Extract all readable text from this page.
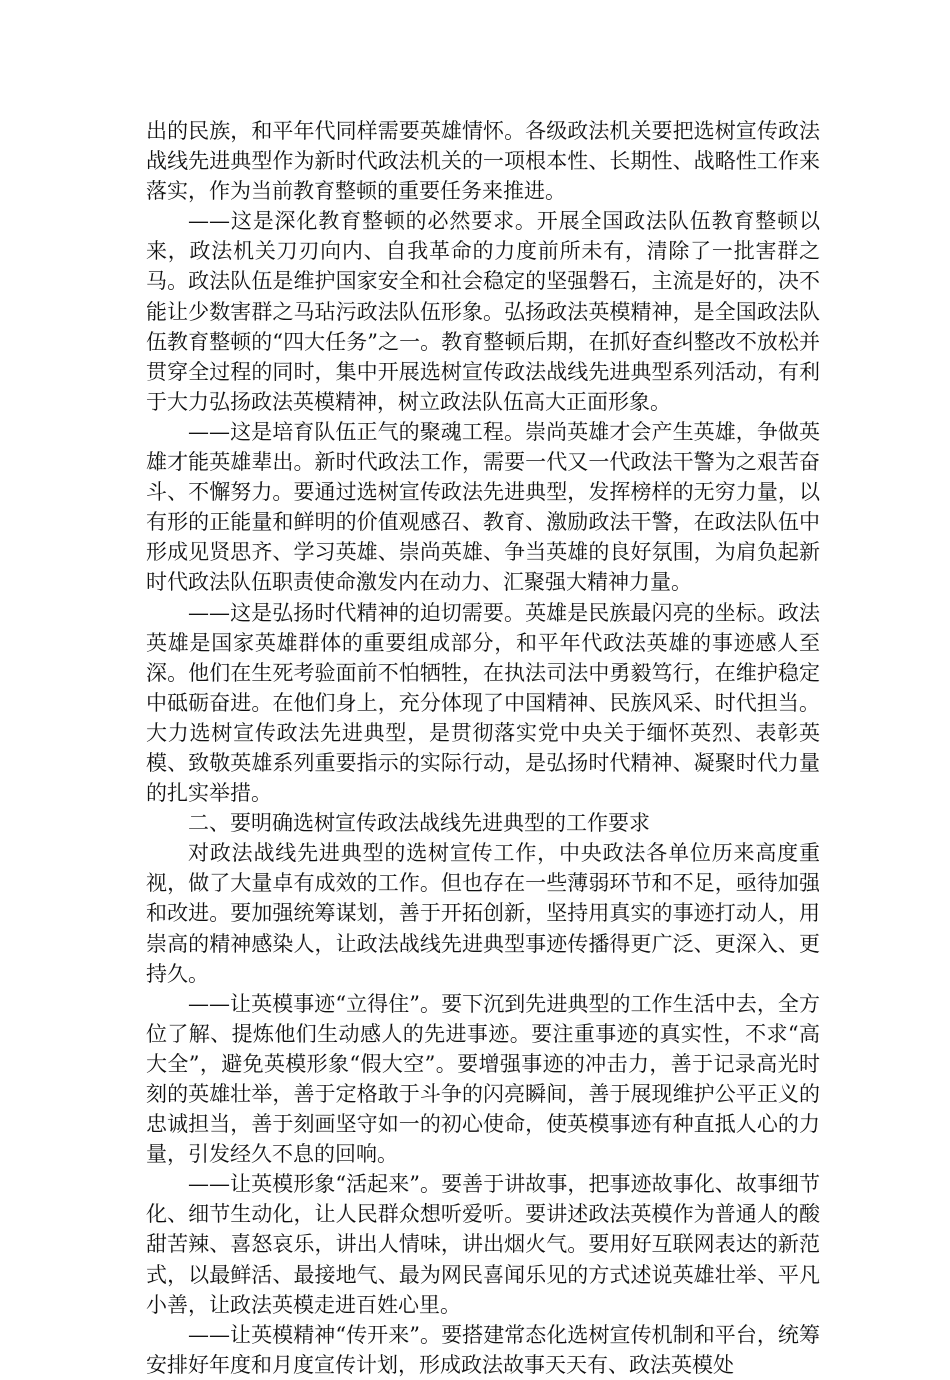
出的民族，和平年代同样需要英雄情怀。各级政法机关要把选树宣传政法战线先进典型作为新时代政法机关的一项根本性、长期性、战略性工作来落实，作为当前教育整顿的重要任务来推进。

——这是深化教育整顿的必然要求。开展全国政法队伍教育整顿以来，政法机关刀刃向内、自我革命的力度前所未有，清除了一批害群之马。政法队伍是维护国家安全和社会稳定的坚强磐石，主流是好的，决不能让少数害群之马玷污政法队伍形象。弘扬政法英模精神，是全国政法队伍教育整顿的“四大任务”之一。教育整顿后期，在抓好查纠整改不放松并贯穿全过程的同时，集中开展选树宣传政法战线先进典型系列活动，有利于大力弘扬政法英模精神，树立政法队伍高大正面形象。

——这是培育队伍正气的聚魂工程。崇尚英雄才会产生英雄，争做英雄才能英雄辈出。新时代政法工作，需要一代又一代政法干警为之艰苦奋斗、不懈努力。要通过选树宣传政法先进典型，发挥榜样的无穷力量，以有形的正能量和鲜明的价值观感召、教育、激励政法干警，在政法队伍中形成见贤思齐、学习英雄、崇尚英雄、争当英雄的良好氛围，为肩负起新时代政法队伍职责使命激发内在动力、汇聚强大精神力量。

——这是弘扬时代精神的迫切需要。英雄是民族最闪亮的坐标。政法英雄是国家英雄群体的重要组成部分，和平年代政法英雄的事迹感人至深。他们在生死考验面前不怕牺牲，在执法司法中勇毅笃行，在维护稳定中砥砺奋进。在他们身上，充分体现了中国精神、民族风采、时代担当。大力选树宣传政法先进典型，是贯彻落实党中央关于缅怀英烈、表彰英模、致敬英雄系列重要指示的实际行动，是弘扬时代精神、凝聚时代力量的扎实举措。

二、要明确选树宣传政法战线先进典型的工作要求

对政法战线先进典型的选树宣传工作，中央政法各单位历来高度重视，做了大量卓有成效的工作。但也存在一些薄弱环节和不足，亟待加强和改进。要加强统筹谋划，善于开拓创新，坚持用真实的事迹打动人，用崇高的精神感染人，让政法战线先进典型事迹传播得更广泛、更深入、更持久。

——让英模事迹“立得住”。要下沉到先进典型的工作生活中去，全方位了解、提炼他们生动感人的先进事迹。要注重事迹的真实性，不求“高大全”，避免英模形象“假大空”。要增强事迹的冲击力，善于记录高光时刻的英雄壮举，善于定格敢于斗争的闪亮瞬间，善于展现维护公平正义的忠诚担当，善于刻画坚守如一的初心使命，使英模事迹有种直抵人心的力量，引发经久不息的回响。

——让英模形象“活起来”。要善于讲故事，把事迹故事化、故事细节化、细节生动化，让人民群众想听爱听。要讲述政法英模作为普通人的酸甜苦辣、喜怒哀乐，讲出人情味，讲出烟火气。要用好互联网表达的新范式，以最鲜活、最接地气、最为网民喜闻乐见的方式述说英雄壮举、平凡小善，让政法英模走进百姓心里。

——让英模精神“传开来”。要搭建常态化选树宣传机制和平台，统筹安排好年度和月度宣传计划，形成政法故事天天有、政法英模处
